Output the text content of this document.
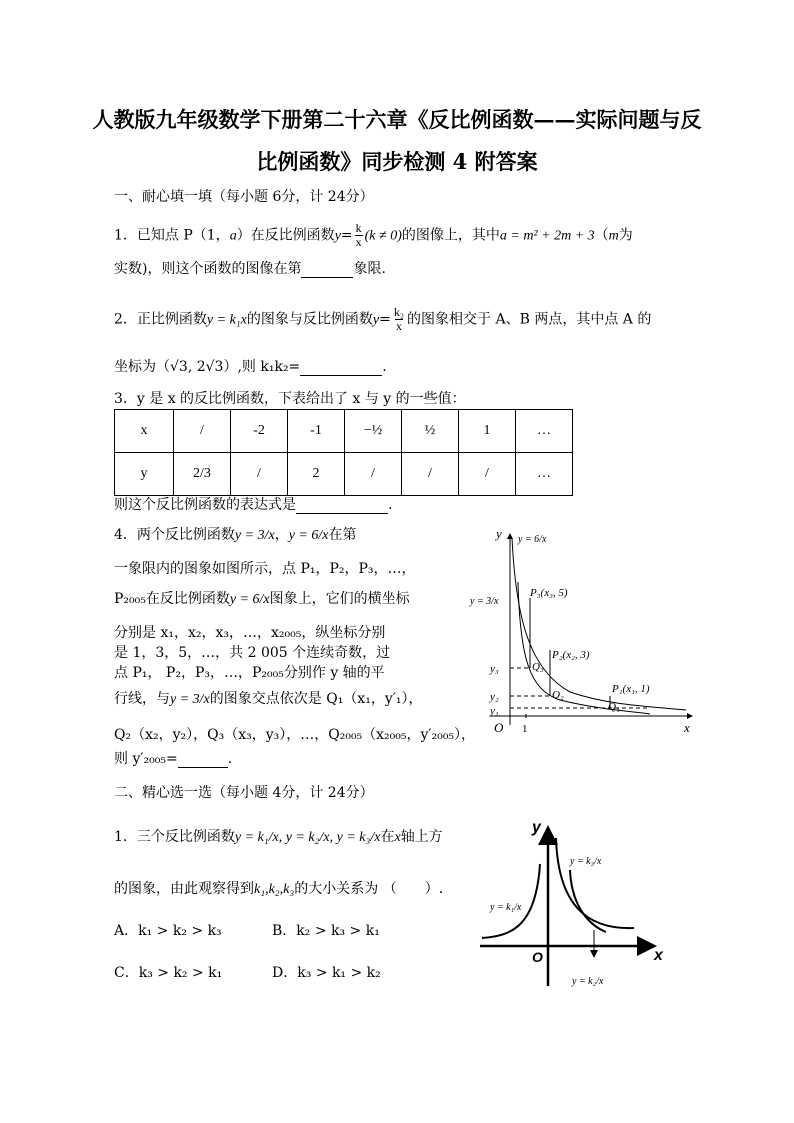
人教版九年级数学下册第二十六章《反比例函数——实际问题与反
比例函数》同步检测 4 附答案
一、耐心填一填（每小题 6分，计 24分）
1．已知点 P（1，a）在反比例函数$y= \frac{k}{x} (k \ne 0)$的图像上，其中a = m² + 2m + 3（m为
实数)，则这个函数的图像在第	象限.
2．正比例函数y = k₁x的图象与反比例函数$y= \frac{\text{k₂}}{x}$ 的图象相交于 A、B 两点，其中点 A 的
坐标为（√3, 2√3）,则 k₁k₂=	.
3．y 是 x 的反比例函数，下表给出了 x 与 y 的一些值：
x	/	-2	-1	−½	½	1	…
y	2/3	/	2	/	/	/	…
则这个反比例函数的表达式是	.
4．两个反比例函数y = 3/x，y = 6/x在第
一象限内的图象如图所示，点 P₁，P₂，P₃，…，
P₂₀₀₅在反比例函数y = 6/x图象上，它们的横坐标
分别是 x₁，x₂，x₃，…，x₂₀₀₅，纵坐标分别
是 1，3，5，…，共 2 005 个连续奇数，过
点 P₁， P₂，P₃，…，P₂₀₀₅分别作 y 轴的平
行线，与y = 3/x的图象交点依次是 Q₁（x₁，y′₁），
Q₂（x₂，y₂），Q₃（x₃，y₃），…，Q₂₀₀₅（x₂₀₀₅，y′₂₀₀₅），
则 y′₂₀₀₅=	.
y
x
O 1
y = 6/x
y = 3/x
P₃(x₃, 5)
P₂(x₂, 3)
P₁(x₁, 1)
Q₃
Q₂
Q₁
y₃
y₂
y₁
二、精心选一选（每小题 4分，计 24分）
1．三个反比例函数y = k₁/x, y = k₂/x, y = k₃/x在x轴上方
的图象，由此观察得到k₁,k₂,k₃的大小关系为 （　　）.
A．k₁ > k₂ > k₃	B．k₂ > k₃ > k₁
C．k₃ > k₂ > k₁	D．k₃ > k₁ > k₂
y
x
O
y = k₁/x
y = k₃/x
y = k₂/x
